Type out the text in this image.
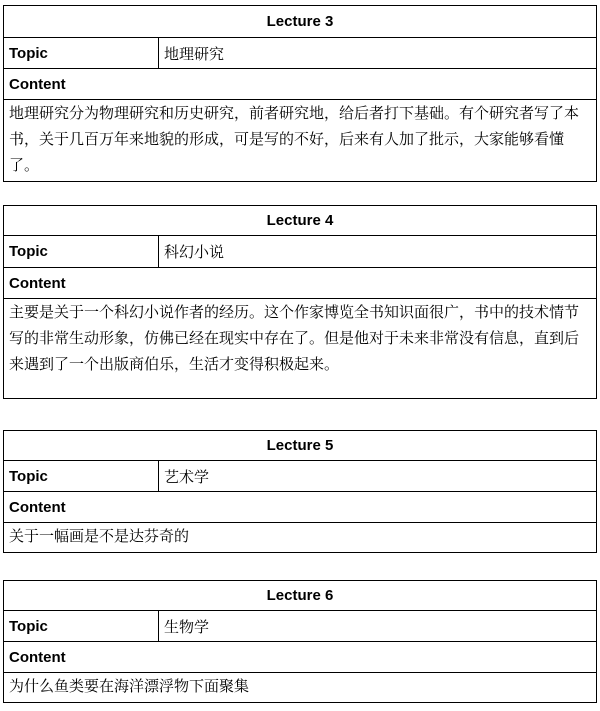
Lecture 3
Topic	地理研究
Content
地理研究分为物理研究和历史研究，前者研究地，给后者打下基础。有个研究者写了本书，关于几百万年来地貌的形成，可是写的不好，后来有人加了批示，大家能够看懂了。
Lecture 4
Topic	科幻小说
Content
主要是关于一个科幻小说作者的经历。这个作家博览全书知识面很广，书中的技术情节写的非常生动形象，仿佛已经在现实中存在了。但是他对于未来非常没有信息，直到后来遇到了一个出版商伯乐，生活才变得积极起来。
Lecture 5
Topic	艺术学
Content
关于一幅画是不是达芬奇的
Lecture 6
Topic	生物学
Content
为什么鱼类要在海洋漂浮物下面聚集
